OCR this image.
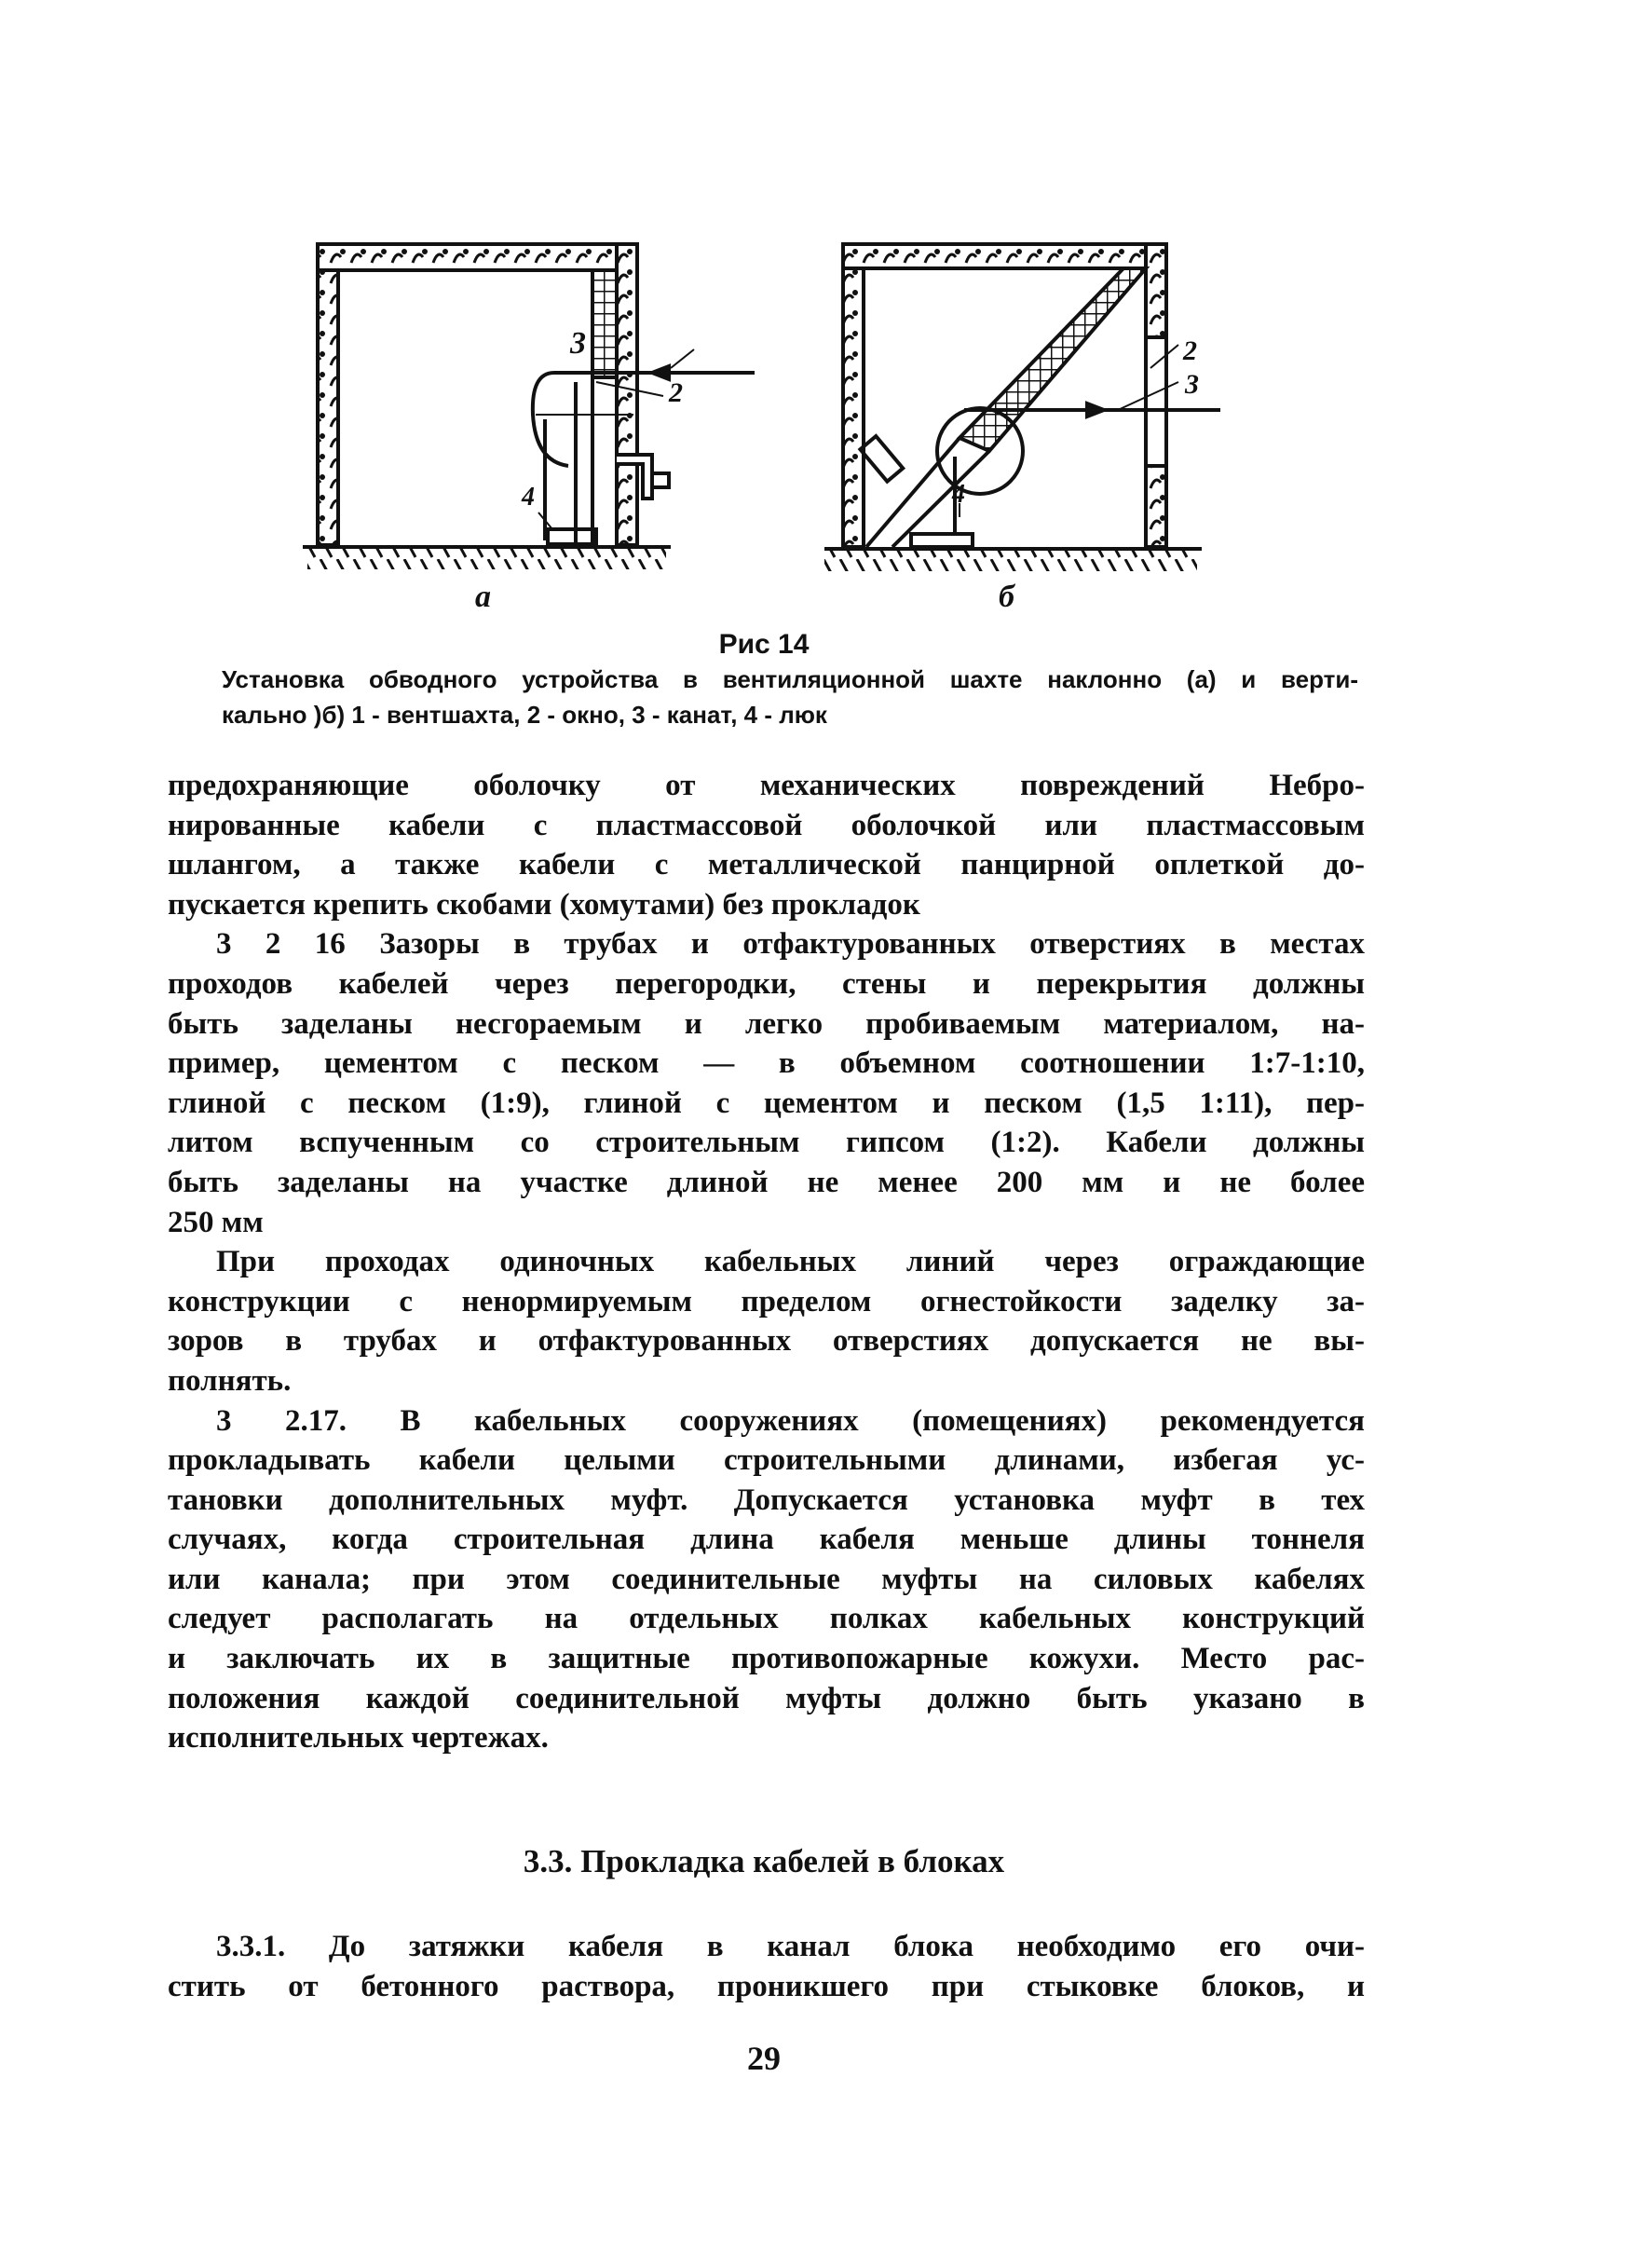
3
2
4
2
3
4
а	б
Рис 14
Установка обводного устройства в вентиляционной шахте наклонно (а) и верти-
кально )б) 1 - вентшахта, 2 - окно, 3 - канат, 4 - люк
предохраняющие оболочку от механических повреждений Небро-
нированные кабели с пластмассовой оболочкой или пластмассовым
шлангом, а также кабели с металлической панцирной оплеткой до-
пускается крепить скобами (хомутами) без прокладок
3 2 16 Зазоры в трубах и отфактурованных отверстиях в местах
проходов кабелей через перегородки, стены и перекрытия должны
быть заделаны несгораемым и легко пробиваемым материалом, на-
пример, цементом с песком — в объемном соотношении 1:7-1:10,
глиной с песком (1:9), глиной с цементом и песком (1,5 1:11), пер-
литом вспученным со строительным гипсом (1:2). Кабели должны
быть заделаны на участке длиной не менее 200 мм и не более
250 мм
При проходах одиночных кабельных линий через ограждающие
конструкции с ненормируемым пределом огнестойкости заделку за-
зоров в трубах и отфактурованных отверстиях допускается не вы-
полнять.
3 2.17. В кабельных сооружениях (помещениях) рекомендуется
прокладывать кабели целыми строительными длинами, избегая ус-
тановки дополнительных муфт. Допускается установка муфт в тех
случаях, когда строительная длина кабеля меньше длины тоннеля
или канала; при этом соединительные муфты на силовых кабелях
следует располагать на отдельных полках кабельных конструкций
и заключать их в защитные противопожарные кожухи. Место рас-
положения каждой соединительной муфты должно быть указано в
исполнительных чертежах.
3.3. Прокладка кабелей в блоках
3.3.1. До затяжки кабеля в канал блока необходимо его очи-
стить от бетонного раствора, проникшего при стыковке блоков, и
29
